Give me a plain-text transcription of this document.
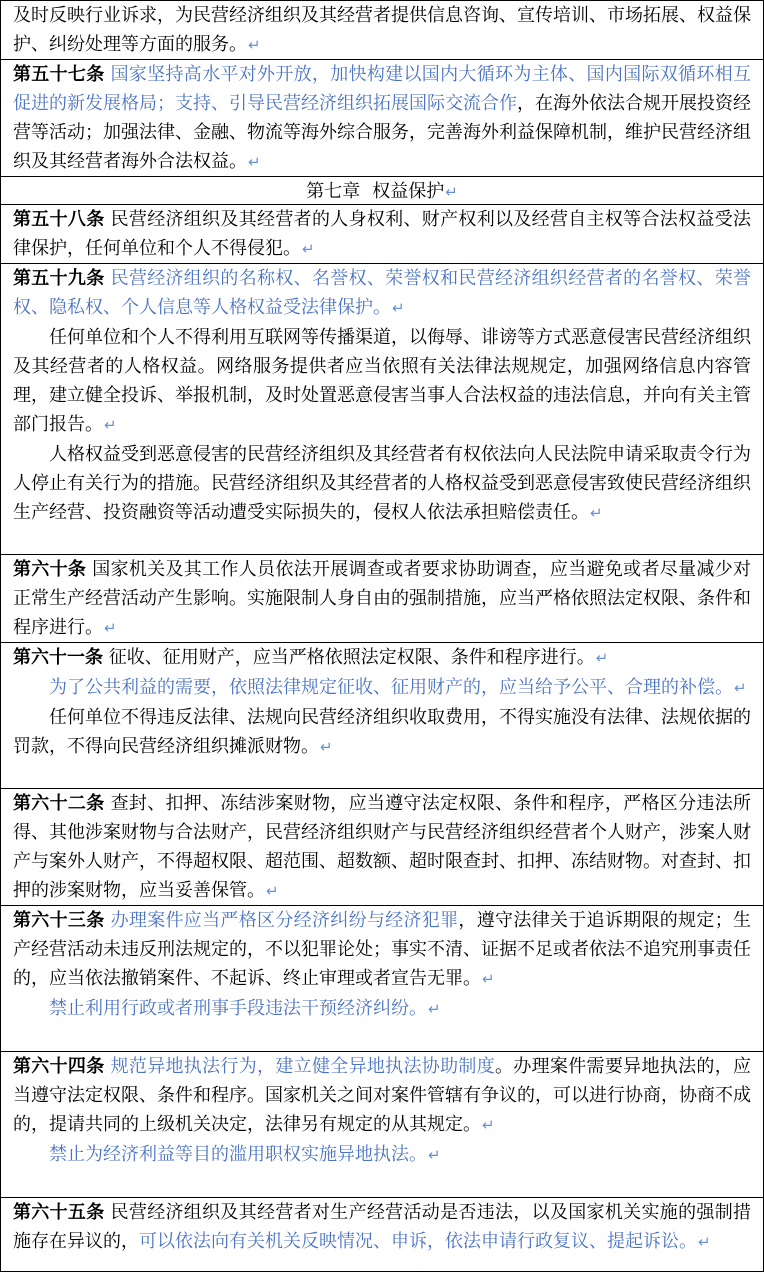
及时反映行业诉求，为民营经济组织及其经营者提供信息咨询、宣传培训、市场拓展、权益保护、纠纷处理等方面的服务。↵

第五十七条 国家坚持高水平对外开放，加快构建以国内大循环为主体、国内国际双循环相互促进的新发展格局；支持、引导民营经济组织拓展国际交流合作，在海外依法合规开展投资经营等活动；加强法律、金融、物流等海外综合服务，完善海外利益保障机制，维护民营经济组织及其经营者海外合法权益。↵

第七章 权益保护↵

第五十八条 民营经济组织及其经营者的人身权利、财产权利以及经营自主权等合法权益受法律保护，任何单位和个人不得侵犯。↵

第五十九条 民营经济组织的名称权、名誉权、荣誉权和民营经济组织经营者的名誉权、荣誉权、隐私权、个人信息等人格权益受法律保护。↵

任何单位和个人不得利用互联网等传播渠道，以侮辱、诽谤等方式恶意侵害民营经济组织及其经营者的人格权益。网络服务提供者应当依照有关法律法规规定，加强网络信息内容管理，建立健全投诉、举报机制，及时处置恶意侵害当事人合法权益的违法信息，并向有关主管部门报告。↵

人格权益受到恶意侵害的民营经济组织及其经营者有权依法向人民法院申请采取责令行为人停止有关行为的措施。民营经济组织及其经营者的人格权益受到恶意侵害致使民营经济组织生产经营、投资融资等活动遭受实际损失的，侵权人依法承担赔偿责任。↵

第六十条 国家机关及其工作人员依法开展调查或者要求协助调查，应当避免或者尽量减少对正常生产经营活动产生影响。实施限制人身自由的强制措施，应当严格依照法定权限、条件和程序进行。↵

第六十一条 征收、征用财产，应当严格依照法定权限、条件和程序进行。↵

为了公共利益的需要，依照法律规定征收、征用财产的，应当给予公平、合理的补偿。↵

任何单位不得违反法律、法规向民营经济组织收取费用，不得实施没有法律、法规依据的罚款，不得向民营经济组织摊派财物。↵

第六十二条 查封、扣押、冻结涉案财物，应当遵守法定权限、条件和程序，严格区分违法所得、其他涉案财物与合法财产，民营经济组织财产与民营经济组织经营者个人财产，涉案人财产与案外人财产，不得超权限、超范围、超数额、超时限查封、扣押、冻结财物。对查封、扣押的涉案财物，应当妥善保管。↵

第六十三条 办理案件应当严格区分经济纠纷与经济犯罪，遵守法律关于追诉期限的规定；生产经营活动未违反刑法规定的，不以犯罪论处；事实不清、证据不足或者依法不追究刑事责任的，应当依法撤销案件、不起诉、终止审理或者宣告无罪。↵

禁止利用行政或者刑事手段违法干预经济纠纷。↵

第六十四条 规范异地执法行为，建立健全异地执法协助制度。办理案件需要异地执法的，应当遵守法定权限、条件和程序。国家机关之间对案件管辖有争议的，可以进行协商，协商不成的，提请共同的上级机关决定，法律另有规定的从其规定。↵

禁止为经济利益等目的滥用职权实施异地执法。↵

第六十五条 民营经济组织及其经营者对生产经营活动是否违法，以及国家机关实施的强制措施存在异议的，可以依法向有关机关反映情况、申诉，依法申请行政复议、提起诉讼。↵
